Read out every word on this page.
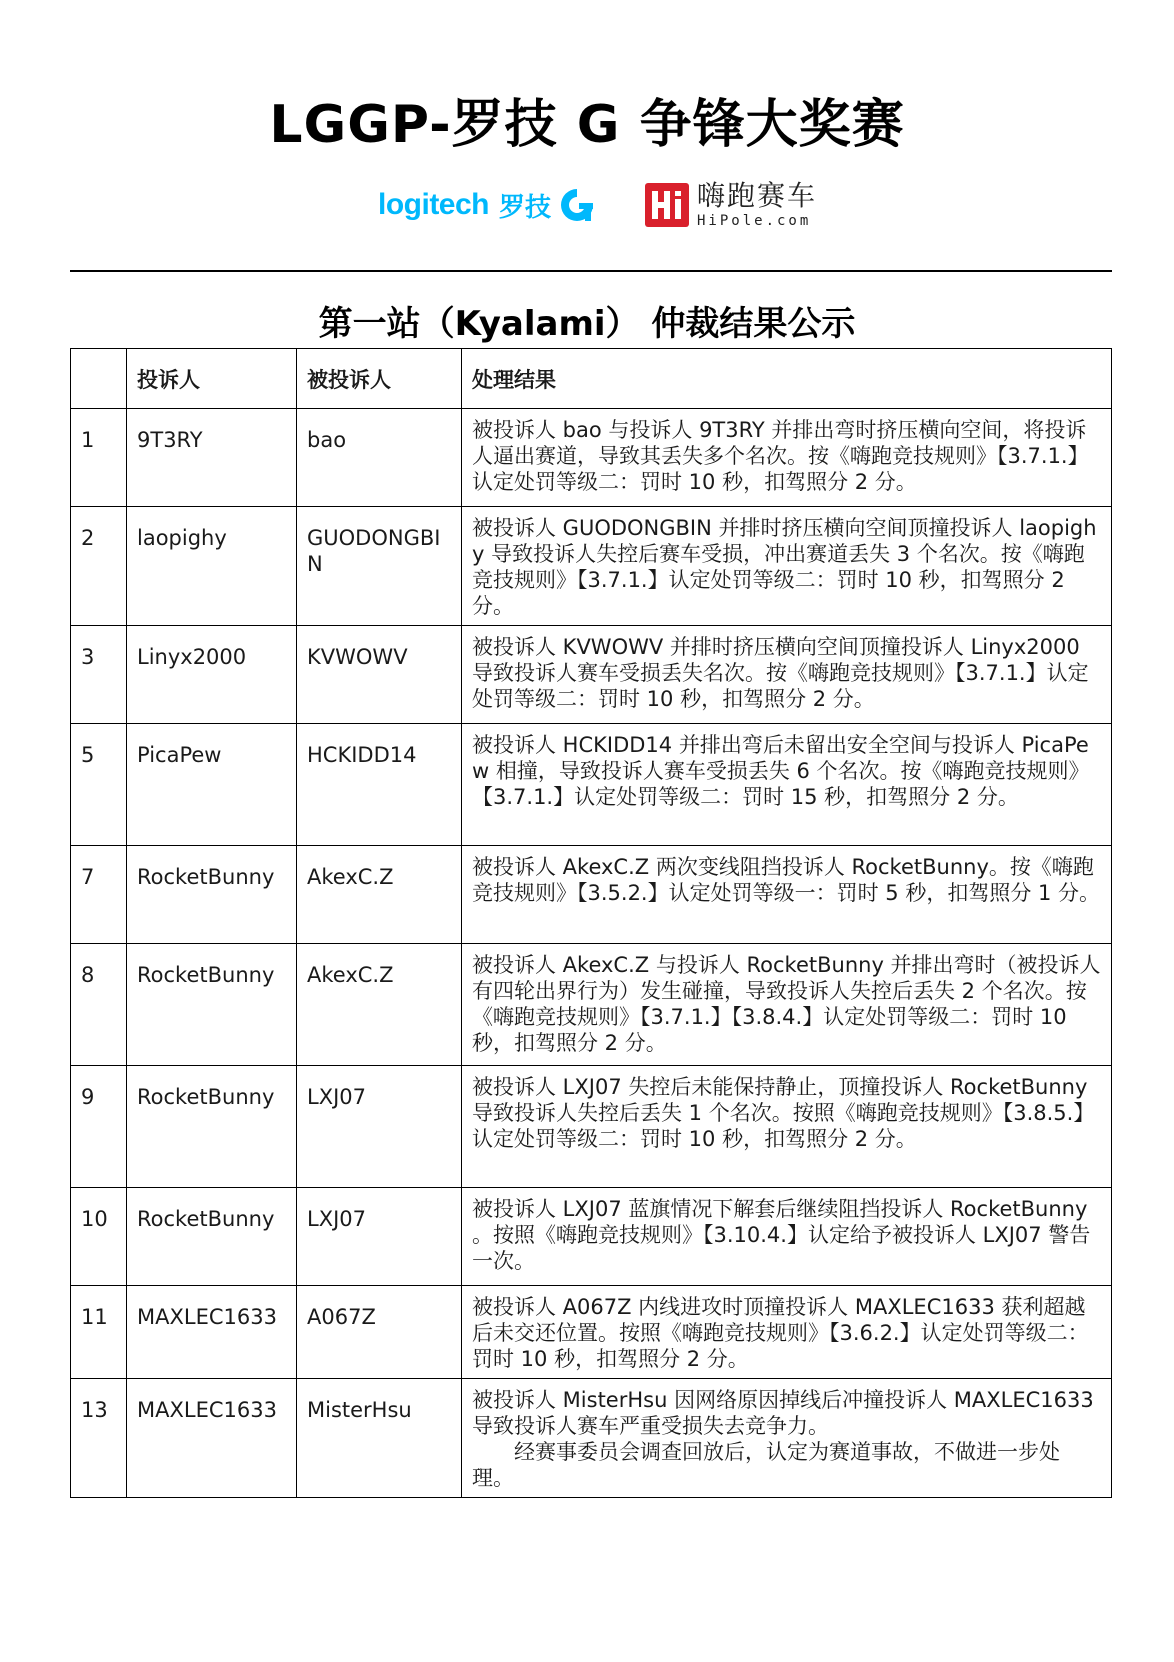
LGGP-罗技 G 争锋大奖赛
logitech 罗技	嗨跑赛车
HiPole.com
第一站（Kyalami） 仲裁结果公示
	投诉人	被投诉人	处理结果
1	9T3RY	bao	被投诉人 bao 与投诉人 9T3RY 并排出弯时挤压横向空间，将投诉人逼出赛道，导致其丢失多个名次。按《嗨跑竞技规则》【3.7.1.】认定处罚等级二：罚时 10 秒，扣驾照分 2 分。
2	laopighy	GUODONGBIN	被投诉人 GUODONGBIN 并排时挤压横向空间顶撞投诉人 laopighy 导致投诉人失控后赛车受损，冲出赛道丢失 3 个名次。按《嗨跑竞技规则》【3.7.1.】认定处罚等级二：罚时 10 秒，扣驾照分 2 分。
3	Linyx2000	KVWOWV	被投诉人 KVWOWV 并排时挤压横向空间顶撞投诉人 Linyx2000 导致投诉人赛车受损丢失名次。按《嗨跑竞技规则》【3.7.1.】认定处罚等级二：罚时 10 秒，扣驾照分 2 分。
5	PicaPew	HCKIDD14	被投诉人 HCKIDD14 并排出弯后未留出安全空间与投诉人 PicaPew 相撞，导致投诉人赛车受损丢失 6 个名次。按《嗨跑竞技规则》【3.7.1.】认定处罚等级二：罚时 15 秒，扣驾照分 2 分。
7	RocketBunny	AkexC.Z	被投诉人 AkexC.Z 两次变线阻挡投诉人 RocketBunny。按《嗨跑竞技规则》【3.5.2.】认定处罚等级一：罚时 5 秒，扣驾照分 1 分。
8	RocketBunny	AkexC.Z	被投诉人 AkexC.Z 与投诉人 RocketBunny 并排出弯时（被投诉人有四轮出界行为）发生碰撞，导致投诉人失控后丢失 2 个名次。按《嗨跑竞技规则》【3.7.1.】【3.8.4.】认定处罚等级二：罚时 10 秒，扣驾照分 2 分。
9	RocketBunny	LXJ07	被投诉人 LXJ07 失控后未能保持静止，顶撞投诉人 RocketBunny 导致投诉人失控后丢失 1 个名次。按照《嗨跑竞技规则》【3.8.5.】认定处罚等级二：罚时 10 秒，扣驾照分 2 分。
10	RocketBunny	LXJ07	被投诉人 LXJ07 蓝旗情况下解套后继续阻挡投诉人 RocketBunny 。按照《嗨跑竞技规则》【3.10.4.】认定给予被投诉人 LXJ07 警告一次。
11	MAXLEC1633	A067Z	被投诉人 A067Z 内线进攻时顶撞投诉人 MAXLEC1633 获利超越后未交还位置。按照《嗨跑竞技规则》【3.6.2.】认定处罚等级二：罚时 10 秒，扣驾照分 2 分。
13	MAXLEC1633	MisterHsu	被投诉人 MisterHsu 因网络原因掉线后冲撞投诉人 MAXLEC1633 导致投诉人赛车严重受损失去竞争力。
经赛事委员会调查回放后，认定为赛道事故，不做进一步处理。
